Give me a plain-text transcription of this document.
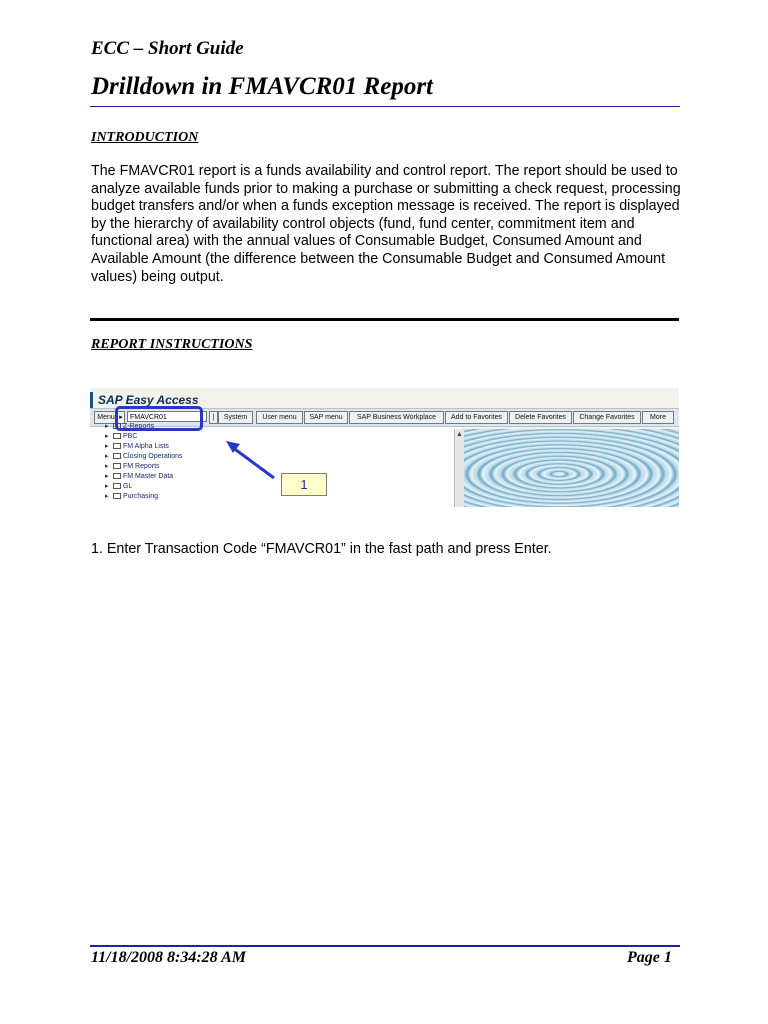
ECC – Short Guide
Drilldown in FMAVCR01 Report
INTRODUCTION
The FMAVCR01 report is a funds availability and control report. The report should be used to analyze available funds prior to making a purchase or submitting a check request, processing budget transfers and/or when a funds exception message is received. The report is displayed by the hierarchy of availability control objects (fund, fund center, commitment item and functional area) with the annual values of Consumable Budget, Consumed Amount and Available Amount (the difference between the Consumable Budget and Consumed Amount values) being output.
REPORT INSTRUCTIONS
SAP Easy Access
Menu ▸	FMAVCR01	|	System	User menu	SAP menu	SAP Business Workplace	Add to Favorites	Delete Favorites	Change Favorites	More
▸ Z-Reports
▸ PBC
▸ FM Alpha Lists
▸ Closing Operations
▸ FM Reports
▸ FM Master Data
▸ GL
▸ Purchasing
▲
1
1. Enter Transaction Code “FMAVCR01” in the fast path and press Enter.
11/18/2008 8:34:28 AM	Page 1
